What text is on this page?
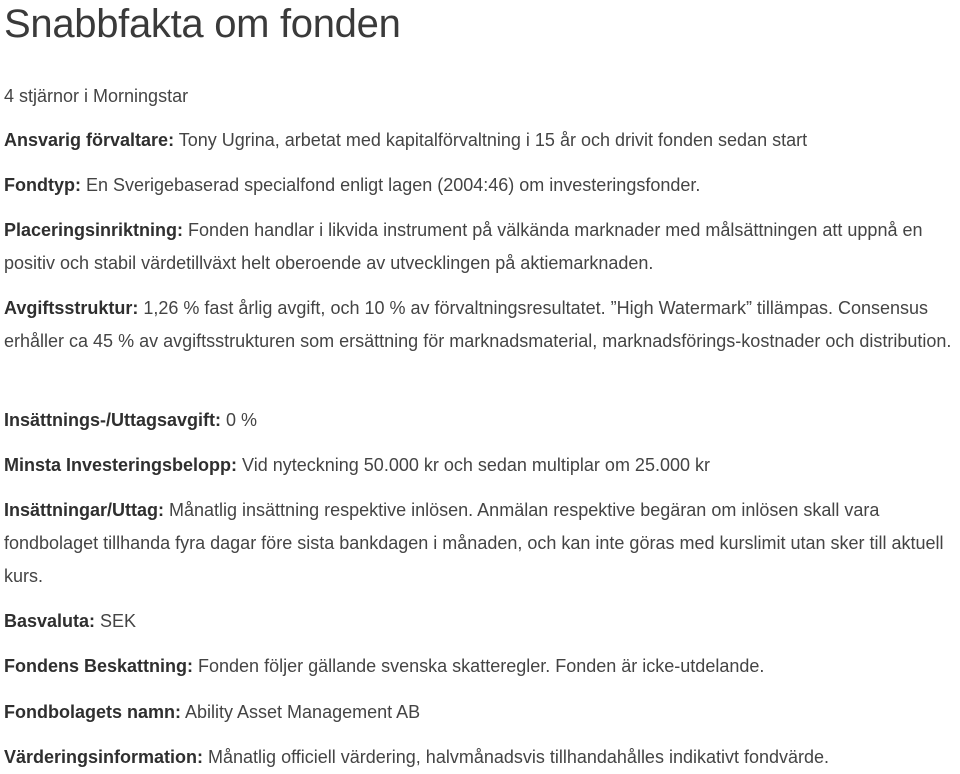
Snabbfakta om fonden
4 stjärnor i Morningstar
Ansvarig förvaltare: Tony Ugrina, arbetat med kapitalförvaltning i 15 år och drivit fonden sedan start
Fondtyp: En Sverigebaserad specialfond enligt lagen (2004:46) om investeringsfonder.
Placeringsinriktning: Fonden handlar i likvida instrument på välkända marknader med målsättningen att uppnå en positiv och stabil värdetillväxt helt oberoende av utvecklingen på aktiemarknaden.
Avgiftsstruktur: 1,26 % fast årlig avgift, och 10 % av förvaltningsresultatet. ”High Watermark” tillämpas. Consensus erhåller ca 45 % av avgiftsstrukturen som ersättning för marknadsmaterial, marknadsförings-kostnader och distribution.
Insättnings-/Uttagsavgift: 0 %
Minsta Investeringsbelopp: Vid nyteckning 50.000 kr och sedan multiplar om 25.000 kr
Insättningar/Uttag: Månatlig insättning respektive inlösen. Anmälan respektive begäran om inlösen skall vara fondbolaget tillhanda fyra dagar före sista bankdagen i månaden, och kan inte göras med kurslimit utan sker till aktuell kurs.
Basvaluta: SEK
Fondens Beskattning: Fonden följer gällande svenska skatteregler. Fonden är icke-utdelande.
Fondbolagets namn: Ability Asset Management AB
Värderingsinformation: Månatlig officiell värdering, halvmånadsvis tillhandahålles indikativt fondvärde.
